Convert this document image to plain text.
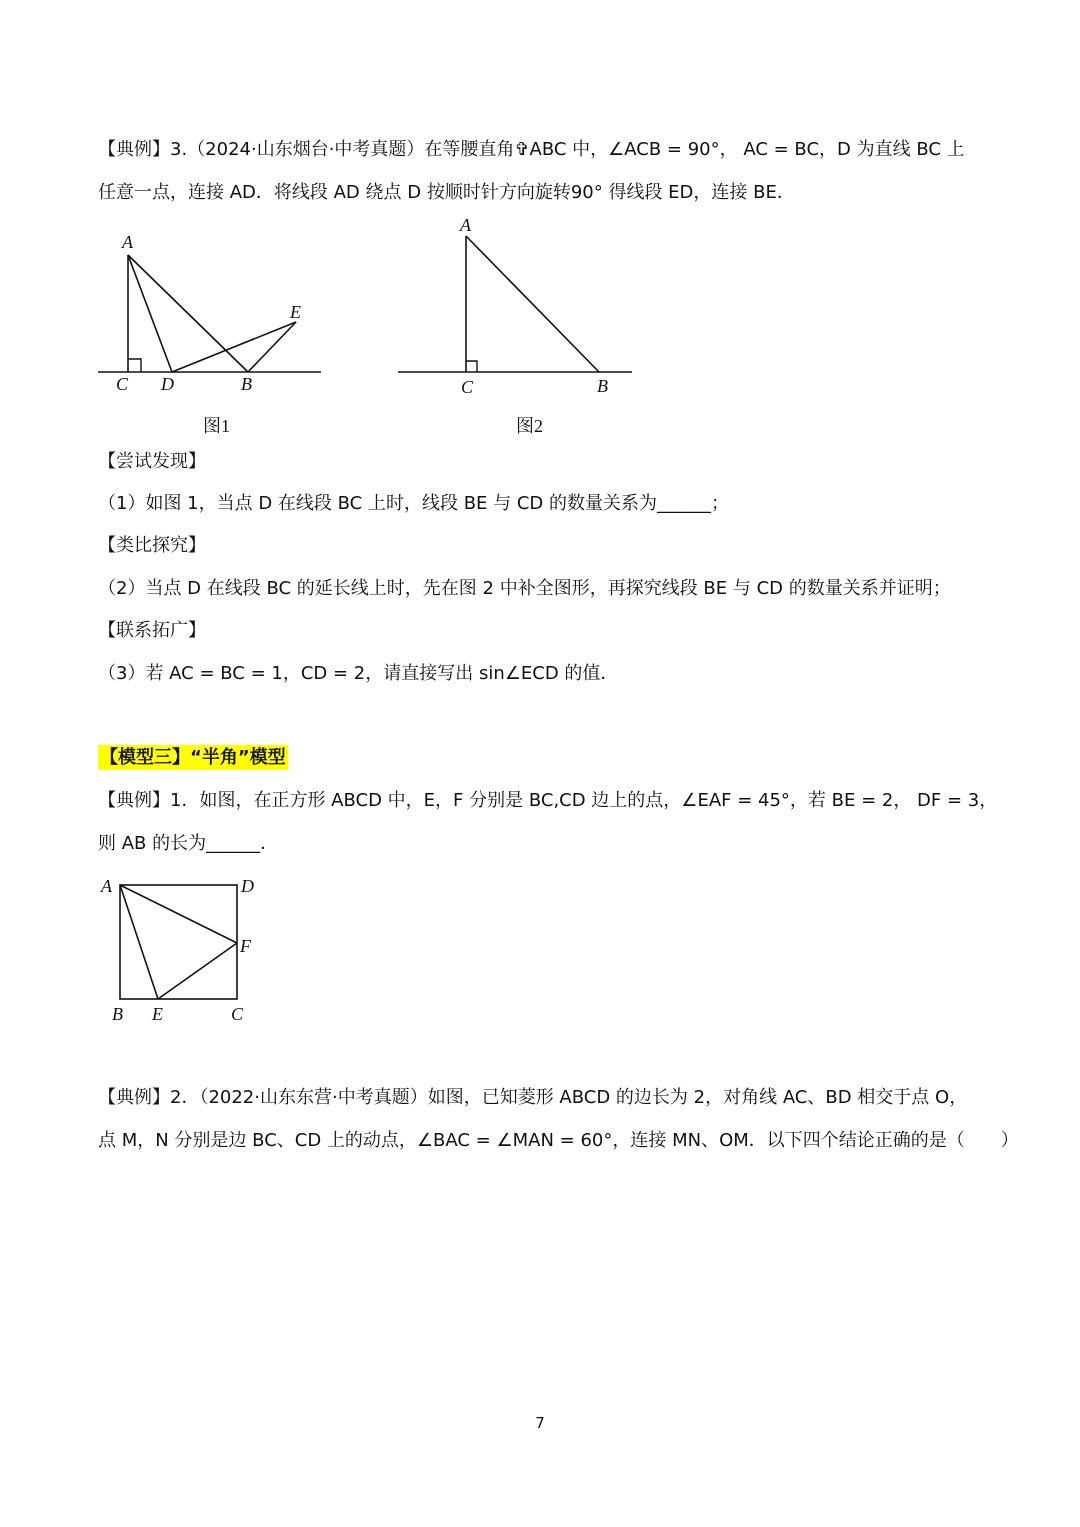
【典例】3.（2024·山东烟台·中考真题）在等腰直角✞ABC 中，∠ACB = 90°， AC = BC，D 为直线 BC 上
任意一点，连接 AD．将线段 AD 绕点 D 按顺时针方向旋转90° 得线段 ED，连接 BE．
A
C D	B
E
图1
A
C	B
图2
【尝试发现】
（1）如图 1，当点 D 在线段 BC 上时，线段 BE 与 CD 的数量关系为______；
【类比探究】
（2）当点 D 在线段 BC 的延长线上时，先在图 2 中补全图形，再探究线段 BE 与 CD 的数量关系并证明；
【联系拓广】
（3）若 AC = BC = 1，CD = 2，请直接写出 sin∠ECD 的值．
【模型三】“半角”模型
【典例】1．如图，在正方形 ABCD 中，E，F 分别是 BC,CD 边上的点，∠EAF = 45°，若 BE = 2， DF = 3，
则 AB 的长为______．
A	D
F
B E	C
【典例】2．（2022·山东东营·中考真题）如图，已知菱形 ABCD 的边长为 2，对角线 AC、BD 相交于点 O，
点 M，N 分别是边 BC、CD 上的动点，∠BAC = ∠MAN = 60°，连接 MN、OM．以下四个结论正确的是（　　）
7
